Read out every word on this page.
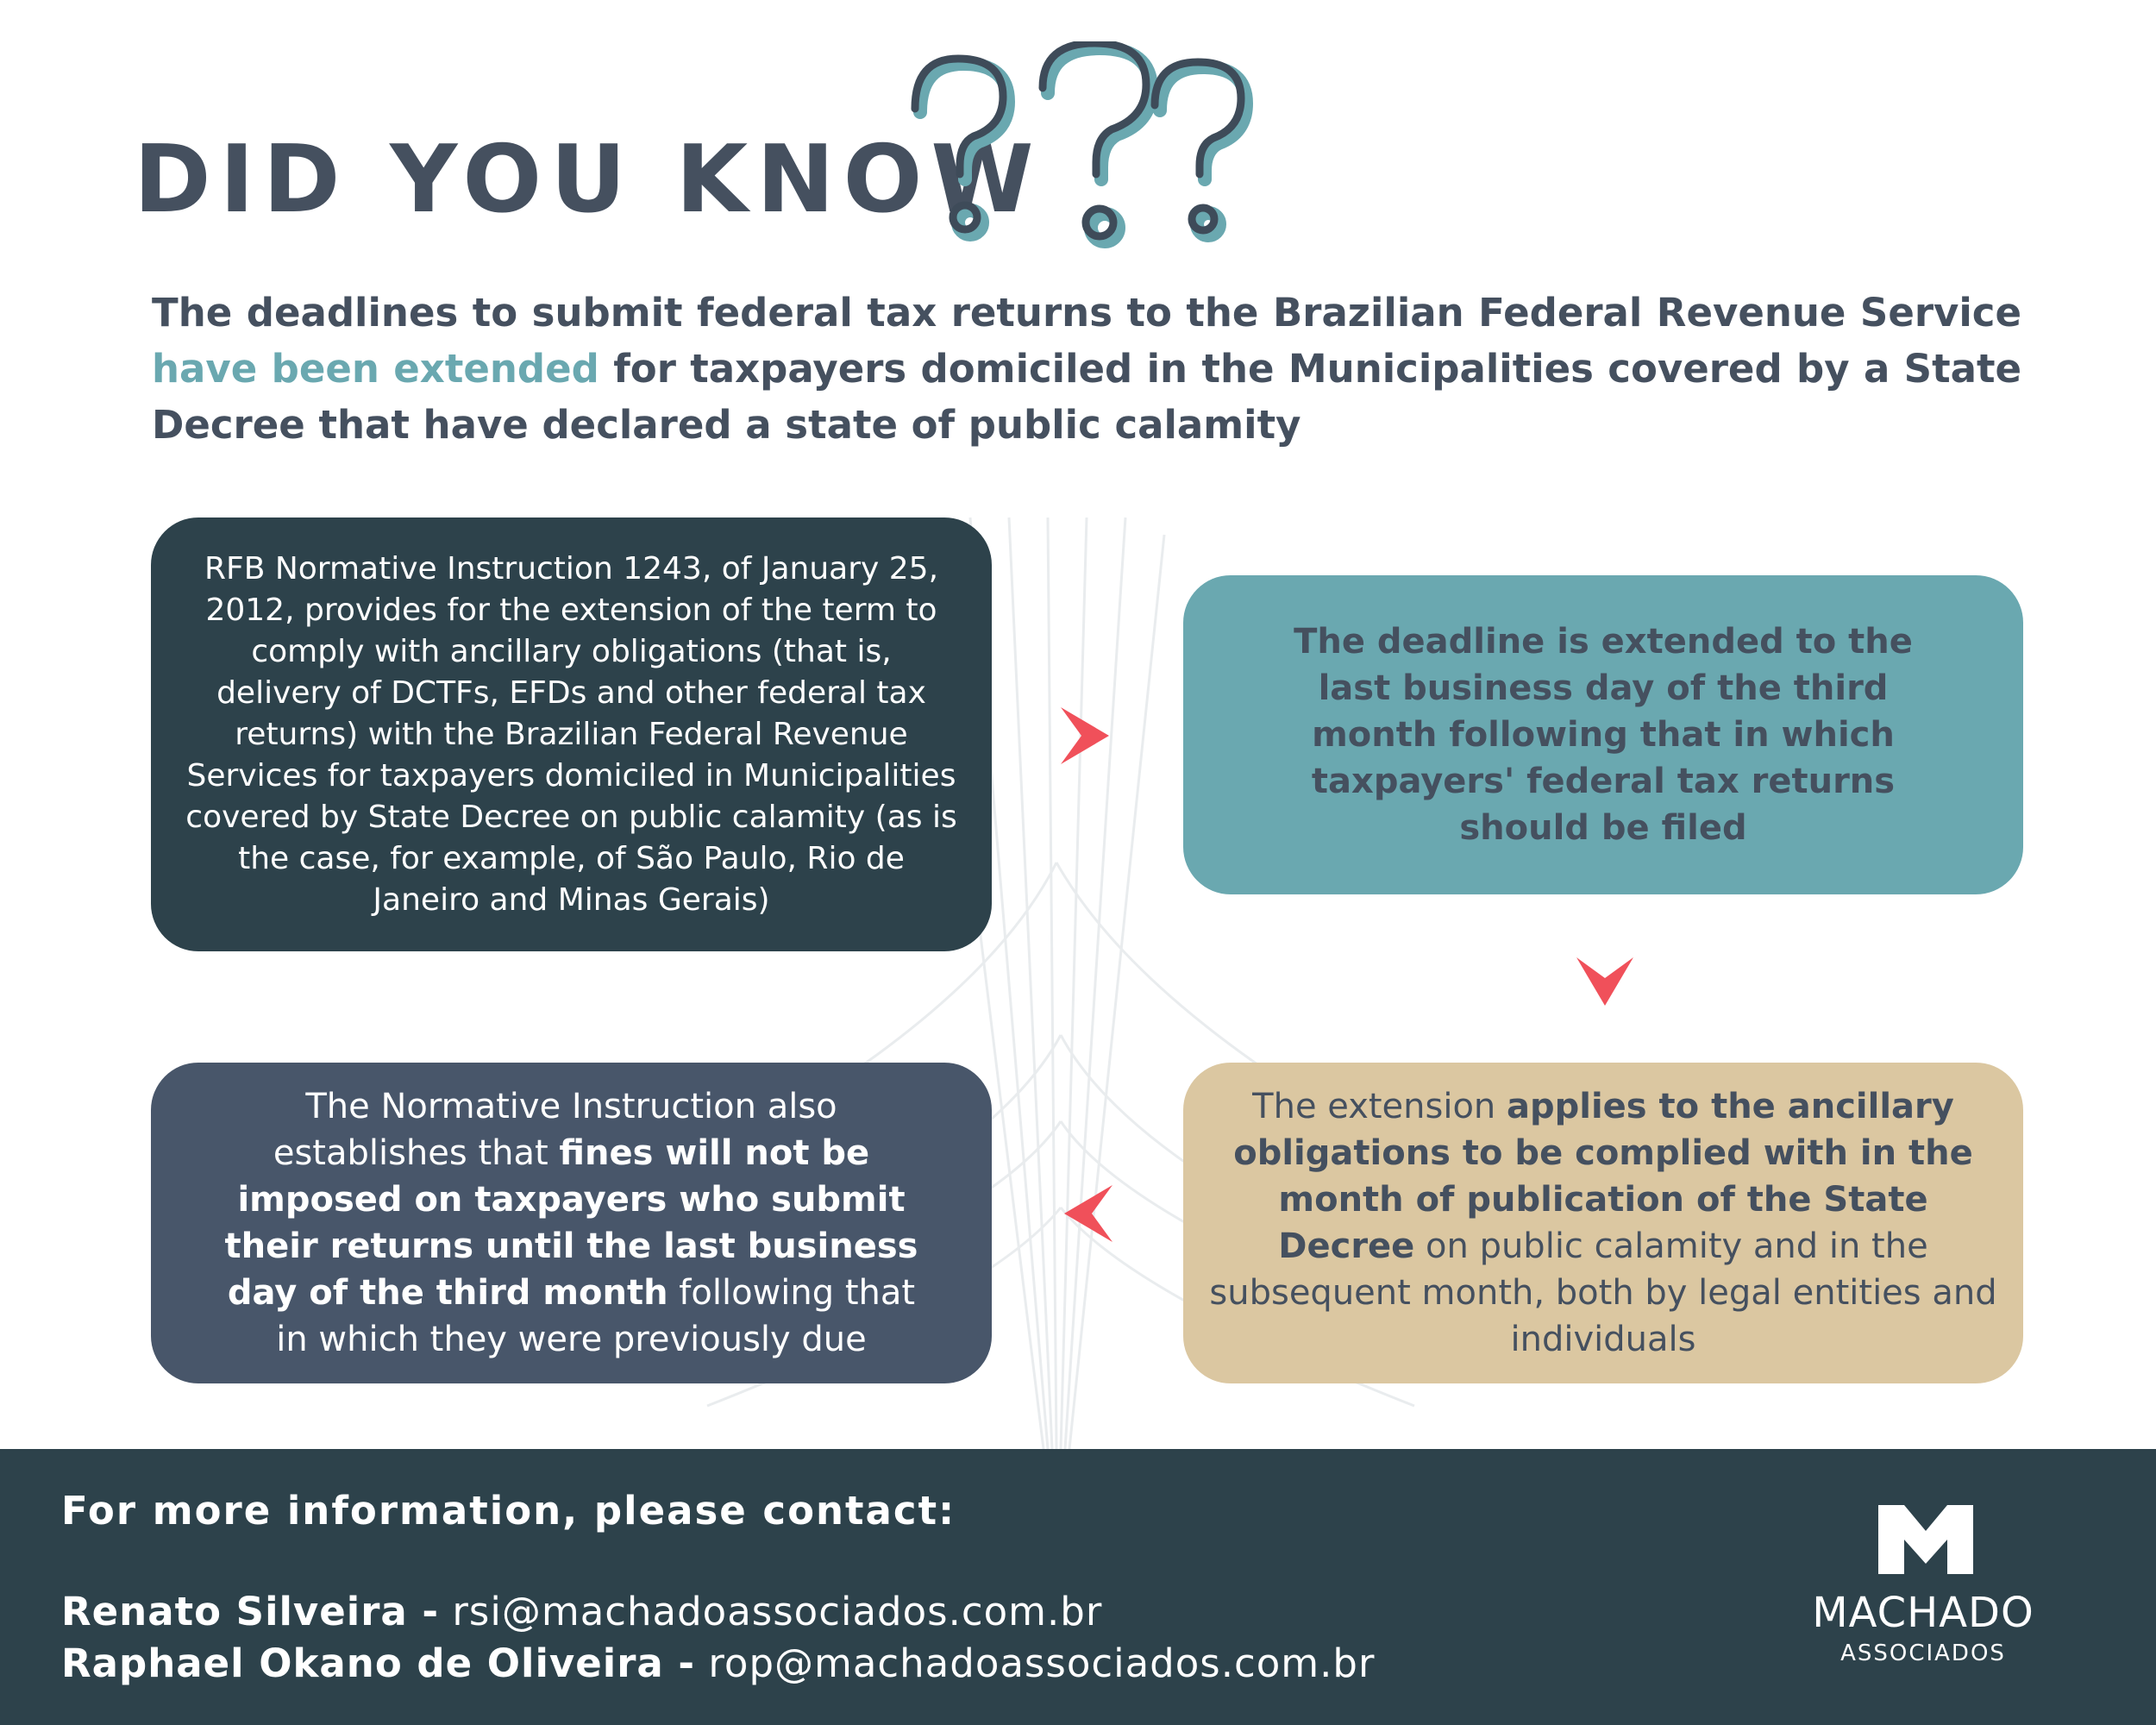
DID YOU KNOW

The deadlines to submit federal tax returns to the Brazilian Federal Revenue Service have been extended for taxpayers domiciled in the Municipalities covered by a State Decree that have declared a state of public calamity

RFB Normative Instruction 1243, of January 25, 2012, provides for the extension of the term to comply with ancillary obligations (that is, delivery of DCTFs, EFDs and other federal tax returns) with the Brazilian Federal Revenue Services for taxpayers domiciled in Municipalities covered by State Decree on public calamity (as is the case, for example, of São Paulo, Rio de Janeiro and Minas Gerais)

The deadline is extended to the last business day of the third month following that in which taxpayers' federal tax returns should be filed

The extension applies to the ancillary obligations to be complied with in the month of publication of the State Decree on public calamity and in the subsequent month, both by legal entities and individuals

The Normative Instruction also establishes that fines will not be imposed on taxpayers who submit their returns until the last business day of the third month following that in which they were previously due

For more information, please contact:

Renato Silveira - rsi@machadoassociados.com.br

Raphael Okano de Oliveira - rop@machadoassociados.com.br

MACHADO

ASSOCIADOS
